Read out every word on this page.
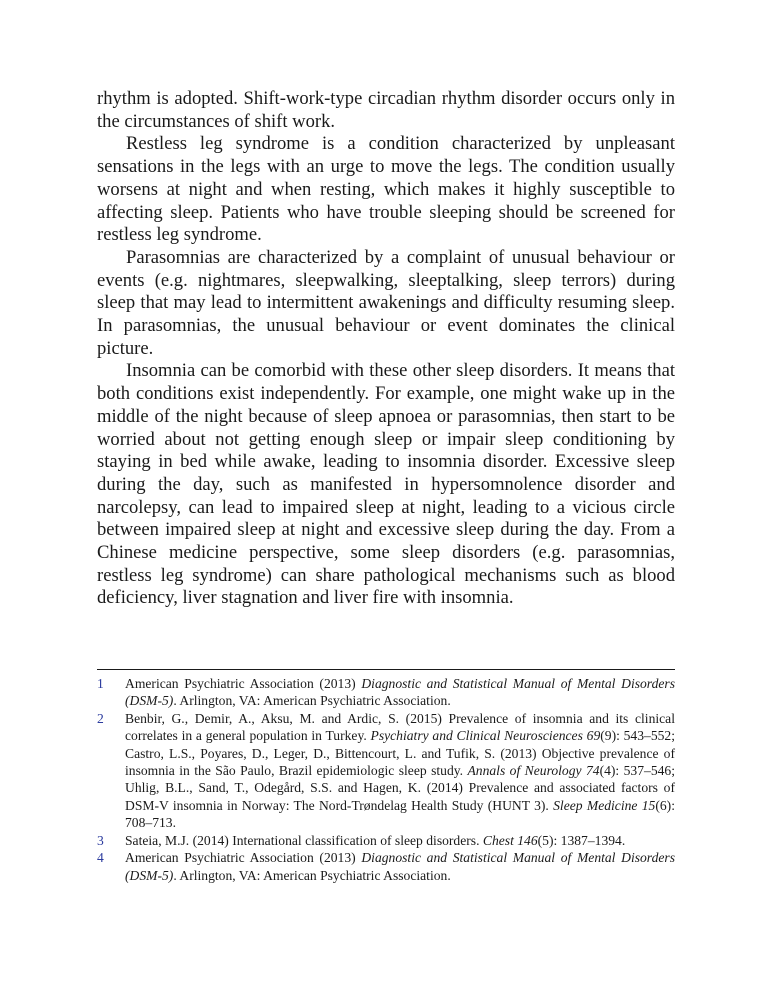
rhythm is adopted. Shift-work-type circadian rhythm disorder occurs only in the circumstances of shift work.

Restless leg syndrome is a condition characterized by unpleasant sensations in the legs with an urge to move the legs. The condition usually worsens at night and when resting, which makes it highly susceptible to affecting sleep. Patients who have trouble sleeping should be screened for restless leg syndrome.

Parasomnias are characterized by a complaint of unusual behaviour or events (e.g. nightmares, sleepwalking, sleeptalking, sleep terrors) during sleep that may lead to intermittent awakenings and difficulty resuming sleep. In parasomnias, the unusual behaviour or event dominates the clinical picture.

Insomnia can be comorbid with these other sleep disorders. It means that both conditions exist independently. For example, one might wake up in the middle of the night because of sleep apnoea or parasomnias, then start to be worried about not getting enough sleep or impair sleep conditioning by staying in bed while awake, leading to insomnia disorder. Excessive sleep during the day, such as manifested in hypersomnolence disorder and narcolepsy, can lead to impaired sleep at night, leading to a vicious circle between impaired sleep at night and excessive sleep during the day. From a Chinese medicine perspective, some sleep disorders (e.g. parasomnias, restless leg syndrome) can share pathological mechanisms such as blood deficiency, liver stagnation and liver fire with insomnia.

1	American Psychiatric Association (2013) Diagnostic and Statistical Manual of Mental Disorders (DSM-5). Arlington, VA: American Psychiatric Association.
2	Benbir, G., Demir, A., Aksu, M. and Ardic, S. (2015) Prevalence of insomnia and its clinical correlates in a general population in Turkey. Psychiatry and Clinical Neurosciences 69(9): 543–552; Castro, L.S., Poyares, D., Leger, D., Bittencourt, L. and Tufik, S. (2013) Objective prevalence of insomnia in the São Paulo, Brazil epidemiologic sleep study. Annals of Neurology 74(4): 537–546; Uhlig, B.L., Sand, T., Odegård, S.S. and Hagen, K. (2014) Prevalence and associated factors of DSM-V insomnia in Norway: The Nord-Trøndelag Health Study (HUNT 3). Sleep Medicine 15(6): 708–713.
3	Sateia, M.J. (2014) International classification of sleep disorders. Chest 146(5): 1387–1394.
4	American Psychiatric Association (2013) Diagnostic and Statistical Manual of Mental Disorders (DSM-5). Arlington, VA: American Psychiatric Association.
